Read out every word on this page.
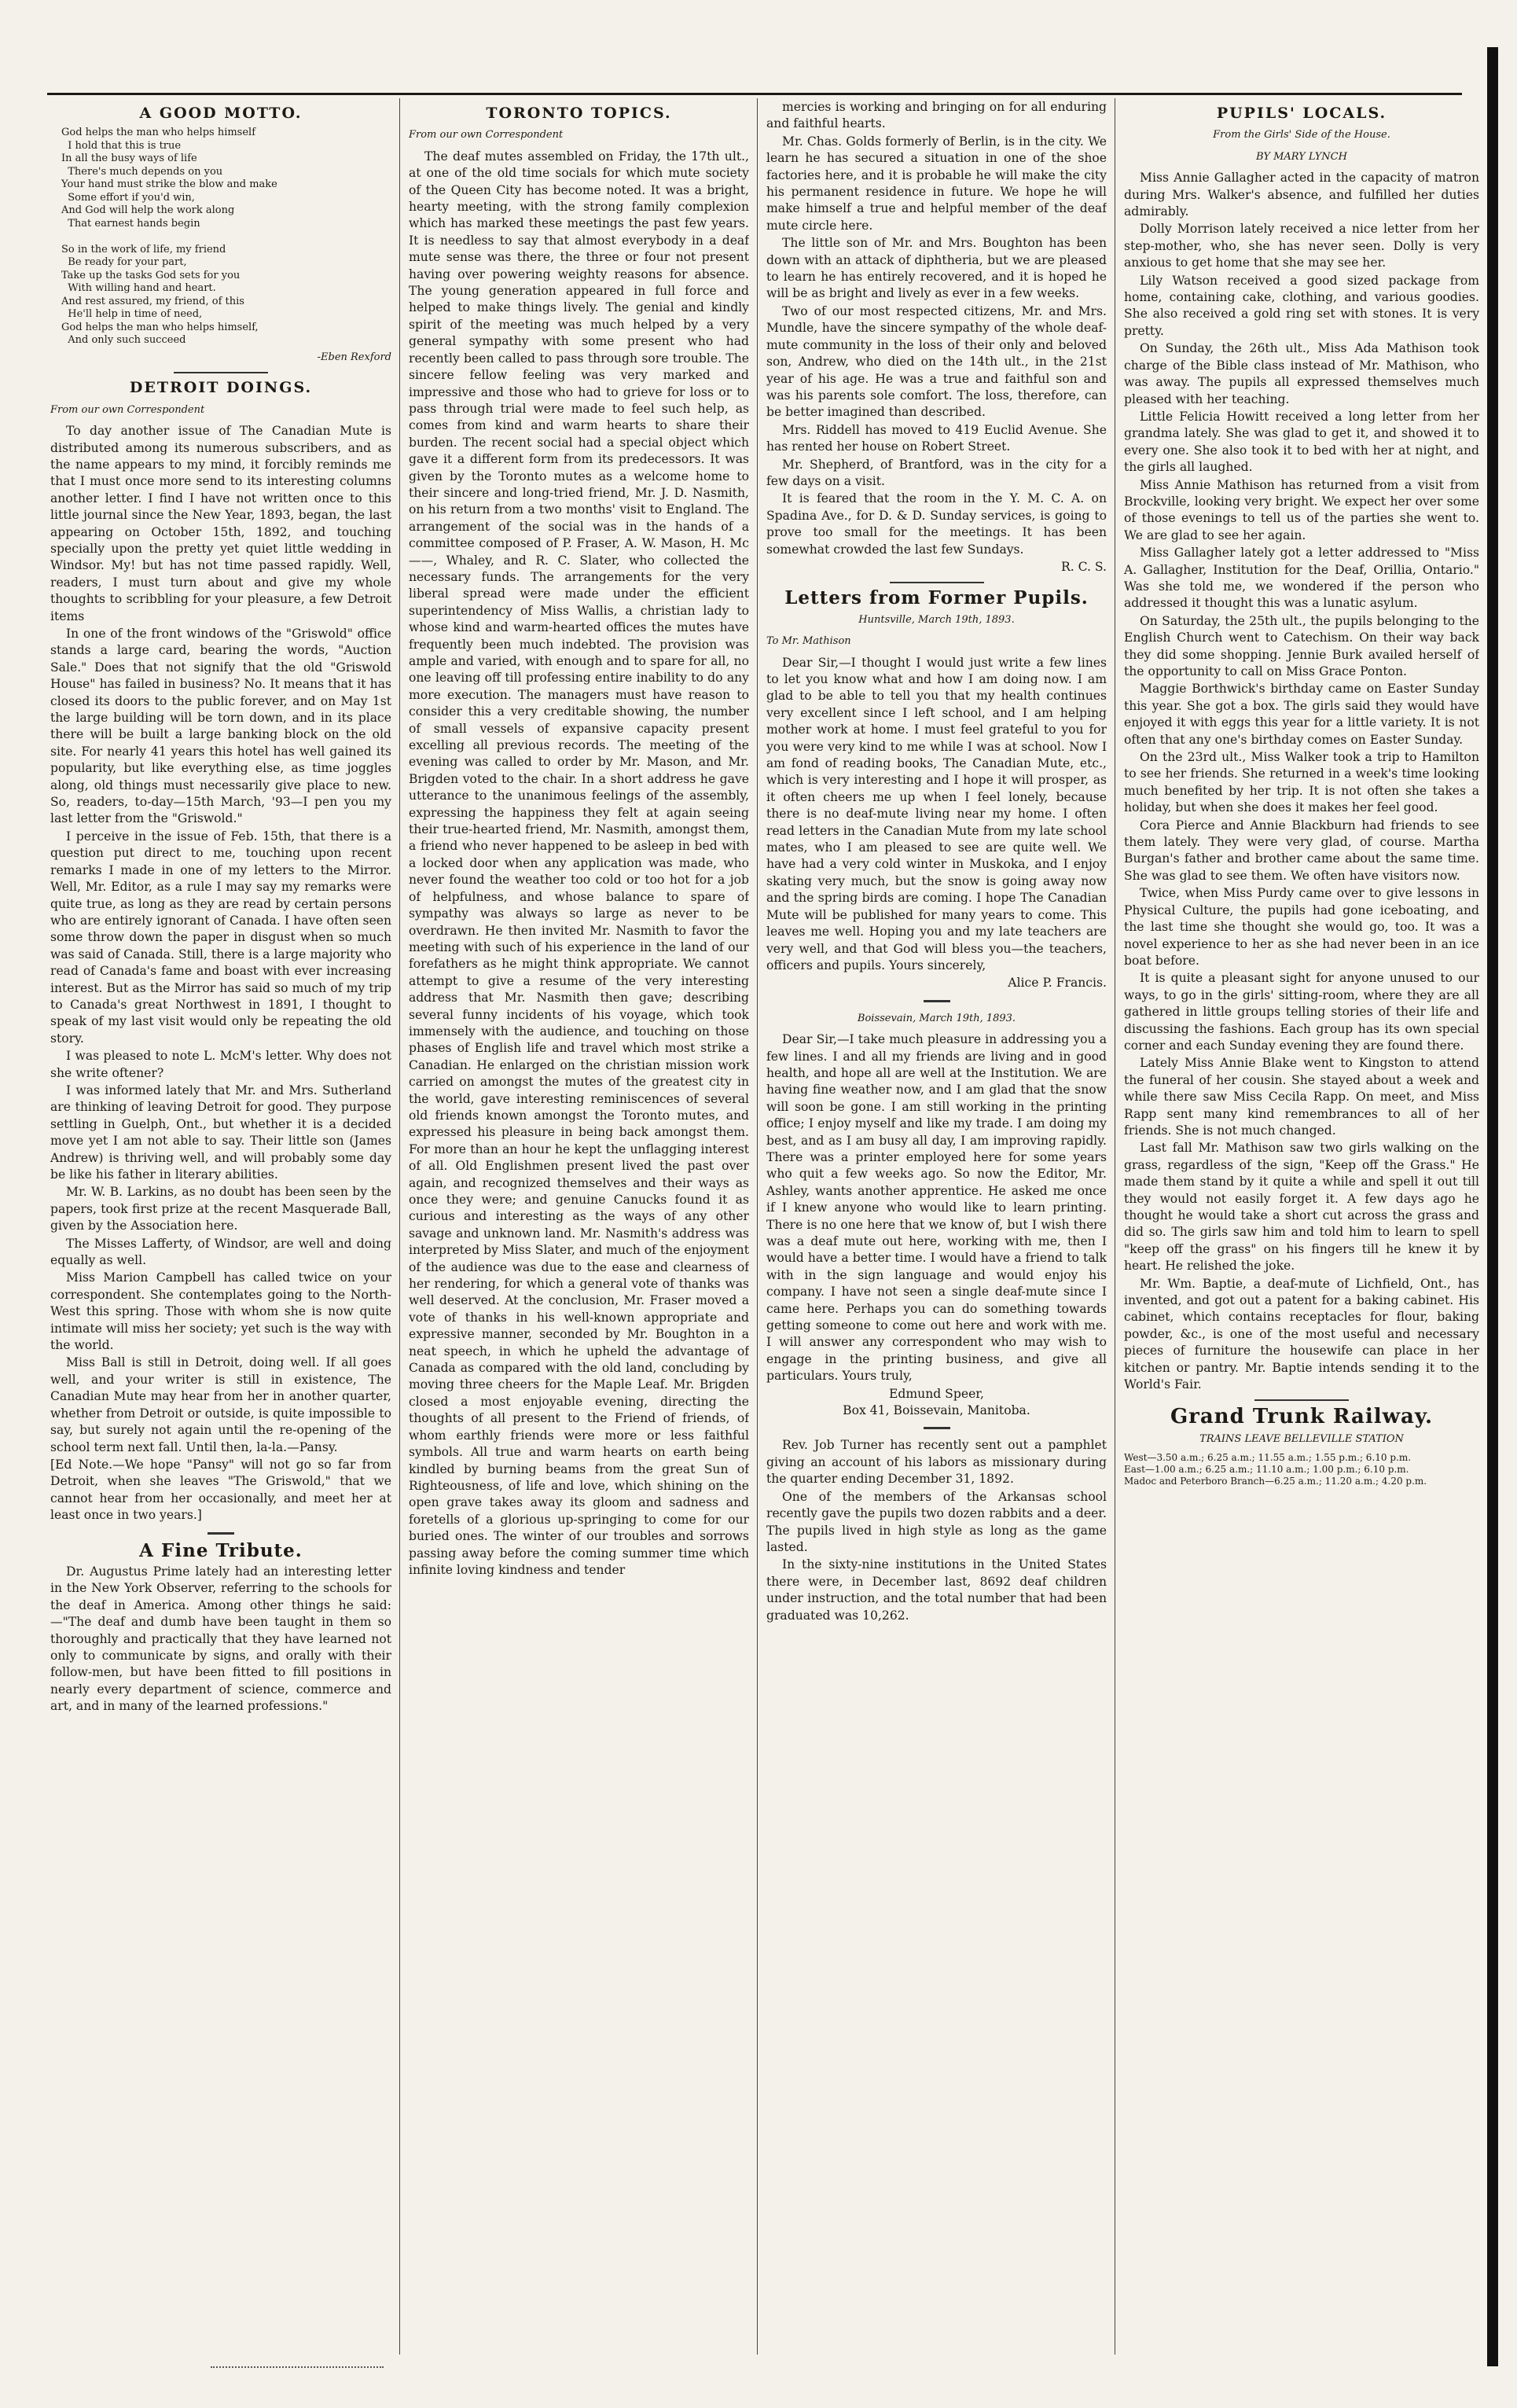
A GOOD MOTTO.
God helps the man who helps himself
I hold that this is true
In all the busy ways of life
There's much depends on you
Your hand must strike the blow and make
Some effort if you'd win,
And God will help the work along
That earnest hands begin

So in the work of life, my friend
Be ready for your part,
Take up the tasks God sets for you
With willing hand and heart.
And rest assured, my friend, of this
He'll help in time of need,
God helps the man who helps himself,
And only such succeed
-Eben Rexford
DETROIT DOINGS.
From our own Correspondent

To day another issue of The Canadian Mute is distributed among its numerous subscribers, and as the name appears to my mind, it forcibly reminds me that I must once more send to its interesting columns another letter. I find I have not written once to this little journal since the New Year, 1893, began, the last appearing on October 15th, 1892, and touching specially upon the pretty yet quiet little wedding in Windsor. My! but has not time passed rapidly. Well, readers, I must turn about and give my whole thoughts to scribbling for your pleasure, a few Detroit items

In one of the front windows of the "Griswold" office stands a large card, bearing the words, "Auction Sale." Does that not signify that the old "Griswold House" has failed in business? No. It means that it has closed its doors to the public forever, and on May 1st the large building will be torn down, and in its place there will be built a large banking block on the old site. For nearly 41 years this hotel has well gained its popularity, but like everything else, as time joggles along, old things must necessarily give place to new. So, readers, to-day—15th March, '93—I pen you my last letter from the "Griswold."

I perceive in the issue of Feb. 15th, that there is a question put direct to me, touching upon recent remarks I made in one of my letters to the Mirror. Well, Mr. Editor, as a rule I may say my remarks were quite true, as long as they are read by certain persons who are entirely ignorant of Canada. I have often seen some throw down the paper in disgust when so much was said of Canada. Still, there is a large majority who read of Canada's fame and boast with ever increasing interest. But as the Mirror has said so much of my trip to Canada's great Northwest in 1891, I thought to speak of my last visit would only be repeating the old story.

I was pleased to note L. McM's letter. Why does not she write oftener?

I was informed lately that Mr. and Mrs. Sutherland are thinking of leaving Detroit for good. They purpose settling in Guelph, Ont., but whether it is a decided move yet I am not able to say. Their little son (James Andrew) is thriving well, and will probably some day be like his father in literary abilities.

Mr. W. B. Larkins, as no doubt has been seen by the papers, took first prize at the recent Masquerade Ball, given by the Association here.

The Misses Lafferty, of Windsor, are well and doing equally as well.

Miss Marion Campbell has called twice on your correspondent. She contemplates going to the North-West this spring. Those with whom she is now quite intimate will miss her society; yet such is the way with the world.

Miss Ball is still in Detroit, doing well. If all goes well, and your writer is still in existence, The Canadian Mute may hear from her in another quarter, whether from Detroit or outside, is quite impossible to say, but surely not again until the re-opening of the school term next fall. Until then, la-la.—Pansy.

[Ed Note.—We hope "Pansy" will not go so far from Detroit, when she leaves "The Griswold," that we cannot hear from her occasionally, and meet her at least once in two years.]

A Fine Tribute.

Dr. Augustus Prime lately had an interesting letter in the New York Observer, referring to the schools for the deaf in America. Among other things he said:—"The deaf and dumb have been taught in them so thoroughly and practically that they have learned not only to communicate by signs, and orally with their follow-men, but have been fitted to fill positions in nearly every department of science, commerce and art, and in many of the learned professions."

TORONTO TOPICS.
From our own Correspondent

The deaf mutes assembled on Friday, the 17th ult., at one of the old time socials for which mute society of the Queen City has become noted. It was a bright, hearty meeting, with the strong family complexion which has marked these meetings the past few years. It is needless to say that almost everybody in a deaf mute sense was there, the three or four not present having over powering weighty reasons for absence. The young generation appeared in full force and helped to make things lively. The genial and kindly spirit of the meeting was much helped by a very general sympathy with some present who had recently been called to pass through sore trouble. The sincere fellow feeling was very marked and impressive and those who had to grieve for loss or to pass through trial were made to feel such help, as comes from kind and warm hearts to share their burden. The recent social had a special object which gave it a different form from its predecessors. It was given by the Toronto mutes as a welcome home to their sincere and long-tried friend, Mr. J. D. Nasmith, on his return from a two months' visit to England. The arrangement of the social was in the hands of a committee composed of P. Fraser, A. W. Mason, H. Mc——, Whaley, and R. C. Slater, who collected the necessary funds. The arrangements for the very liberal spread were made under the efficient superintendency of Miss Wallis, a christian lady to whose kind and warm-hearted offices the mutes have frequently been much indebted. The provision was ample and varied, with enough and to spare for all, no one leaving off till professing entire inability to do any more execution. The managers must have reason to consider this a very creditable showing, the number of small vessels of expansive capacity present excelling all previous records. The meeting of the evening was called to order by Mr. Mason, and Mr. Brigden voted to the chair. In a short address he gave utterance to the unanimous feelings of the assembly, expressing the happiness they felt at again seeing their true-hearted friend, Mr. Nasmith, amongst them, a friend who never happened to be asleep in bed with a locked door when any application was made, who never found the weather too cold or too hot for a job of helpfulness, and whose balance to spare of sympathy was always so large as never to be overdrawn. He then invited Mr. Nasmith to favor the meeting with such of his experience in the land of our forefathers as he might think appropriate. We cannot attempt to give a resume of the very interesting address that Mr. Nasmith then gave; describing several funny incidents of his voyage, which took immensely with the audience, and touching on those phases of English life and travel which most strike a Canadian. He enlarged on the christian mission work carried on amongst the mutes of the greatest city in the world, gave interesting reminiscences of several old friends known amongst the Toronto mutes, and expressed his pleasure in being back amongst them. For more than an hour he kept the unflagging interest of all. Old Englishmen present lived the past over again, and recognized themselves and their ways as once they were; and genuine Canucks found it as curious and interesting as the ways of any other savage and unknown land. Mr. Nasmith's address was interpreted by Miss Slater, and much of the enjoyment of the audience was due to the ease and clearness of her rendering, for which a general vote of thanks was well deserved. At the conclusion, Mr. Fraser moved a vote of thanks in his well-known appropriate and expressive manner, seconded by Mr. Boughton in a neat speech, in which he upheld the advantage of Canada as compared with the old land, concluding by moving three cheers for the Maple Leaf. Mr. Brigden closed a most enjoyable evening, directing the thoughts of all present to the Friend of friends, of whom earthly friends were more or less faithful symbols. All true and warm hearts on earth being kindled by burning beams from the great Sun of Righteousness, of life and love, which shining on the open grave takes away its gloom and sadness and foretells of a glorious up-springing to come for our buried ones. The winter of our troubles and sorrows passing away before the coming summer time which infinite loving kindness and tender

mercies is working and bringing on for all enduring and faithful hearts.

Mr. Chas. Golds formerly of Berlin, is in the city. We learn he has secured a situation in one of the shoe factories here, and it is probable he will make the city his permanent residence in future. We hope he will make himself a true and helpful member of the deaf mute circle here.

The little son of Mr. and Mrs. Boughton has been down with an attack of diphtheria, but we are pleased to learn he has entirely recovered, and it is hoped he will be as bright and lively as ever in a few weeks.

Two of our most respected citizens, Mr. and Mrs. Mundle, have the sincere sympathy of the whole deaf-mute community in the loss of their only and beloved son, Andrew, who died on the 14th ult., in the 21st year of his age. He was a true and faithful son and was his parents sole comfort. The loss, therefore, can be better imagined than described.

Mrs. Riddell has moved to 419 Euclid Avenue. She has rented her house on Robert Street.

Mr. Shepherd, of Brantford, was in the city for a few days on a visit.

It is feared that the room in the Y. M. C. A. on Spadina Ave., for D. & D. Sunday services, is going to prove too small for the meetings. It has been somewhat crowded the last few Sundays.

R. C. S.
Letters from Former Pupils.
Huntsville, March 19th, 1893.
To Mr. Mathison

Dear Sir,—I thought I would just write a few lines to let you know what and how I am doing now. I am glad to be able to tell you that my health continues very excellent since I left school, and I am helping mother work at home. I must feel grateful to you for you were very kind to me while I was at school. Now I am fond of reading books, The Canadian Mute, etc., which is very interesting and I hope it will prosper, as it often cheers me up when I feel lonely, because there is no deaf-mute living near my home. I often read letters in the Canadian Mute from my late school mates, who I am pleased to see are quite well. We have had a very cold winter in Muskoka, and I enjoy skating very much, but the snow is going away now and the spring birds are coming. I hope The Canadian Mute will be published for many years to come. This leaves me well. Hoping you and my late teachers are very well, and that God will bless you—the teachers, officers and pupils. Yours sincerely,

Alice P. Francis.
Boissevain, March 19th, 1893.

Dear Sir,—I take much pleasure in addressing you a few lines. I and all my friends are living and in good health, and hope all are well at the Institution. We are having fine weather now, and I am glad that the snow will soon be gone. I am still working in the printing office; I enjoy myself and like my trade. I am doing my best, and as I am busy all day, I am improving rapidly. There was a printer employed here for some years who quit a few weeks ago. So now the Editor, Mr. Ashley, wants another apprentice. He asked me once if I knew anyone who would like to learn printing. There is no one here that we know of, but I wish there was a deaf mute out here, working with me, then I would have a better time. I would have a friend to talk with in the sign language and would enjoy his company. I have not seen a single deaf-mute since I came here. Perhaps you can do something towards getting someone to come out here and work with me. I will answer any correspondent who may wish to engage in the printing business, and give all particulars. Yours truly,

Edmund Speer,
Box 41, Boissevain, Manitoba.

Rev. Job Turner has recently sent out a pamphlet giving an account of his labors as missionary during the quarter ending December 31, 1892.

One of the members of the Arkansas school recently gave the pupils two dozen rabbits and a deer. The pupils lived in high style as long as the game lasted.

In the sixty-nine institutions in the United States there were, in December last, 8692 deaf children under instruction, and the total number that had been graduated was 10,262.

PUPILS' LOCALS.
From the Girls' Side of the House.
BY MARY LYNCH

Miss Annie Gallagher acted in the capacity of matron during Mrs. Walker's absence, and fulfilled her duties admirably.

Dolly Morrison lately received a nice letter from her step-mother, who, she has never seen. Dolly is very anxious to get home that she may see her.

Lily Watson received a good sized package from home, containing cake, clothing, and various goodies. She also received a gold ring set with stones. It is very pretty.

On Sunday, the 26th ult., Miss Ada Mathison took charge of the Bible class instead of Mr. Mathison, who was away. The pupils all expressed themselves much pleased with her teaching.

Little Felicia Howitt received a long letter from her grandma lately. She was glad to get it, and showed it to every one. She also took it to bed with her at night, and the girls all laughed.

Miss Annie Mathison has returned from a visit from Brockville, looking very bright. We expect her over some of those evenings to tell us of the parties she went to. We are glad to see her again.

Miss Gallagher lately got a letter addressed to "Miss A. Gallagher, Institution for the Deaf, Orillia, Ontario." Was she told me, we wondered if the person who addressed it thought this was a lunatic asylum.

On Saturday, the 25th ult., the pupils belonging to the English Church went to Catechism. On their way back they did some shopping. Jennie Burk availed herself of the opportunity to call on Miss Grace Ponton.

Maggie Borthwick's birthday came on Easter Sunday this year. She got a box. The girls said they would have enjoyed it with eggs this year for a little variety. It is not often that any one's birthday comes on Easter Sunday.

On the 23rd ult., Miss Walker took a trip to Hamilton to see her friends. She returned in a week's time looking much benefited by her trip. It is not often she takes a holiday, but when she does it makes her feel good.

Cora Pierce and Annie Blackburn had friends to see them lately. They were very glad, of course. Martha Burgan's father and brother came about the same time. She was glad to see them. We often have visitors now.

Twice, when Miss Purdy came over to give lessons in Physical Culture, the pupils had gone iceboating, and the last time she thought she would go, too. It was a novel experience to her as she had never been in an ice boat before.

It is quite a pleasant sight for anyone unused to our ways, to go in the girls' sitting-room, where they are all gathered in little groups telling stories of their life and discussing the fashions. Each group has its own special corner and each Sunday evening they are found there.

Lately Miss Annie Blake went to Kingston to attend the funeral of her cousin. She stayed about a week and while there saw Miss Cecila Rapp. On meet, and Miss Rapp sent many kind remembrances to all of her friends. She is not much changed.

Last fall Mr. Mathison saw two girls walking on the grass, regardless of the sign, "Keep off the Grass." He made them stand by it quite a while and spell it out till they would not easily forget it. A few days ago he thought he would take a short cut across the grass and did so. The girls saw him and told him to learn to spell "keep off the grass" on his fingers till he knew it by heart. He relished the joke.

Mr. Wm. Baptie, a deaf-mute of Lichfield, Ont., has invented, and got out a patent for a baking cabinet. His cabinet, which contains receptacles for flour, baking powder, &c., is one of the most useful and necessary pieces of furniture the housewife can place in her kitchen or pantry. Mr. Baptie intends sending it to the World's Fair.

Grand Trunk Railway.
TRAINS LEAVE BELLEVILLE STATION
West—3.50 a.m.; 6.25 a.m.; 11.55 a.m.; 1.55 p.m.; 6.10 p.m.
East—1.00 a.m.; 6.25 a.m.; 11.10 a.m.; 1.00 p.m.; 6.10 p.m.
Madoc and Peterboro Branch—6.25 a.m.; 11.20 a.m.; 4.20 p.m.
